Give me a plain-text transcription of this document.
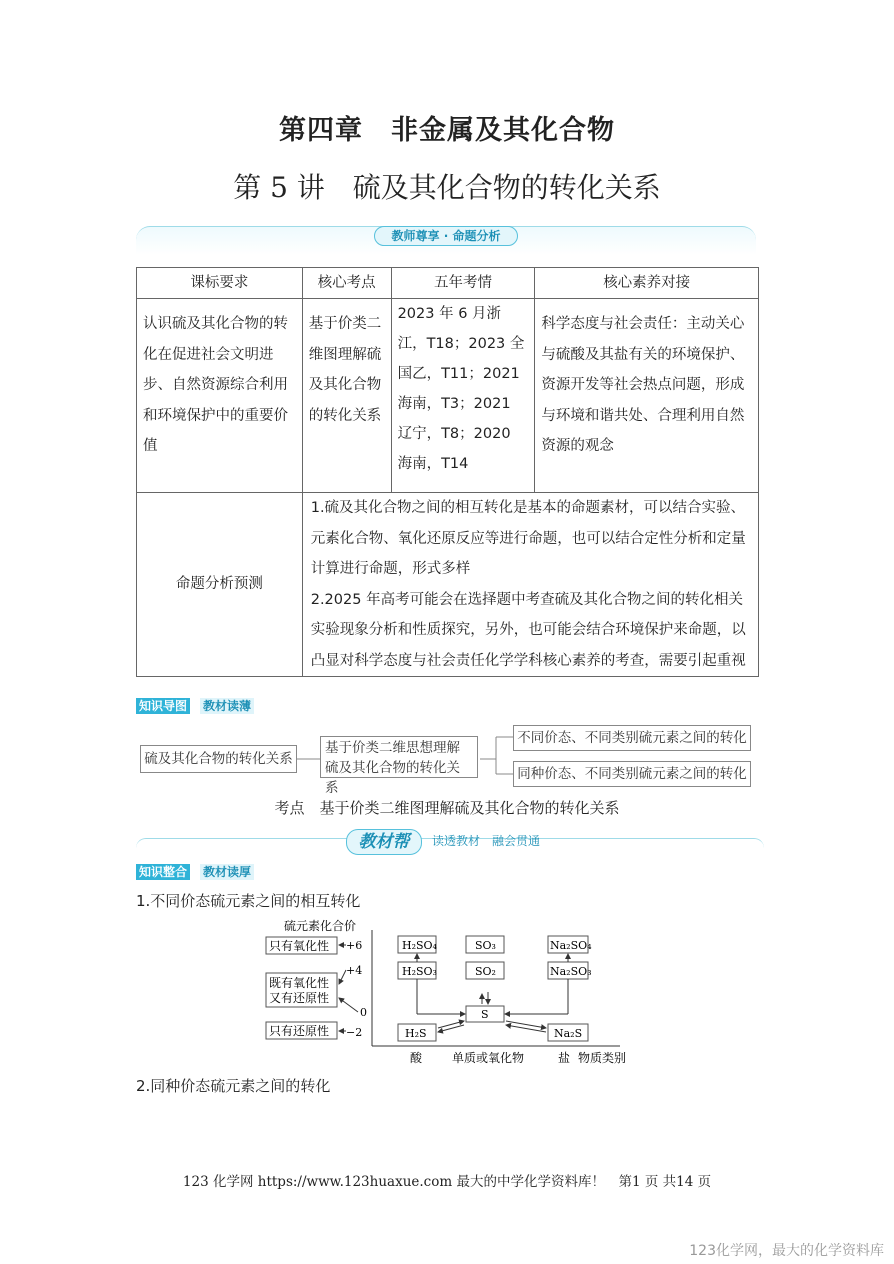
第四章　非金属及其化合物
第 5 讲　硫及其化合物的转化关系
教师尊享 · 命题分析
课标要求	核心考点	五年考情	核心素养对接
认识硫及其化合物的转化在促进社会文明进步、自然资源综合利用和环境保护中的重要价值	基于价类二维图理解硫及其化合物的转化关系	2023 年 6 月浙江，T18；2023 全国乙，T11；2021 海南，T3；2021 辽宁，T8；2020 海南，T14	科学态度与社会责任：主动关心与硫酸及其盐有关的环境保护、资源开发等社会热点问题，形成与环境和谐共处、合理利用自然资源的观念
命题分析预测	1.硫及其化合物之间的相互转化是基本的命题素材，可以结合实验、元素化合物、氧化还原反应等进行命题，也可以结合定性分析和定量计算进行命题，形式多样
2.2025 年高考可能会在选择题中考查硫及其化合物之间的转化相关实验现象分析和性质探究，另外，也可能会结合环境保护来命题，以凸显对科学态度与社会责任化学学科核心素养的考查，需要引起重视		
知识导图 教材读薄
硫及其化合物的转化关系
基于价类二维思想理解硫及其化合物的转化关系
不同价态、不同类别硫元素之间的转化
同种价态、不同类别硫元素之间的转化
考点　基于价类二维图理解硫及其化合物的转化关系
教材帮	读透教材　融会贯通
知识整合 教材读厚
1.不同价态硫元素之间的相互转化
硫元素化合价
+6
+4
0
−2
只有氧化性
既有氧化性
又有还原性
只有还原性
H₂SO₄	SO₃	Na₂SO₄
H₂SO₃	SO₂	Na₂SO₃
S
H₂S	Na₂S
酸 单质或氧化物	盐 物质类别
2.同种价态硫元素之间的转化
123 化学网 https://www.123huaxue.com 最大的中学化学资料库！　第1 页 共14 页
123化学网，最大的化学资料库
